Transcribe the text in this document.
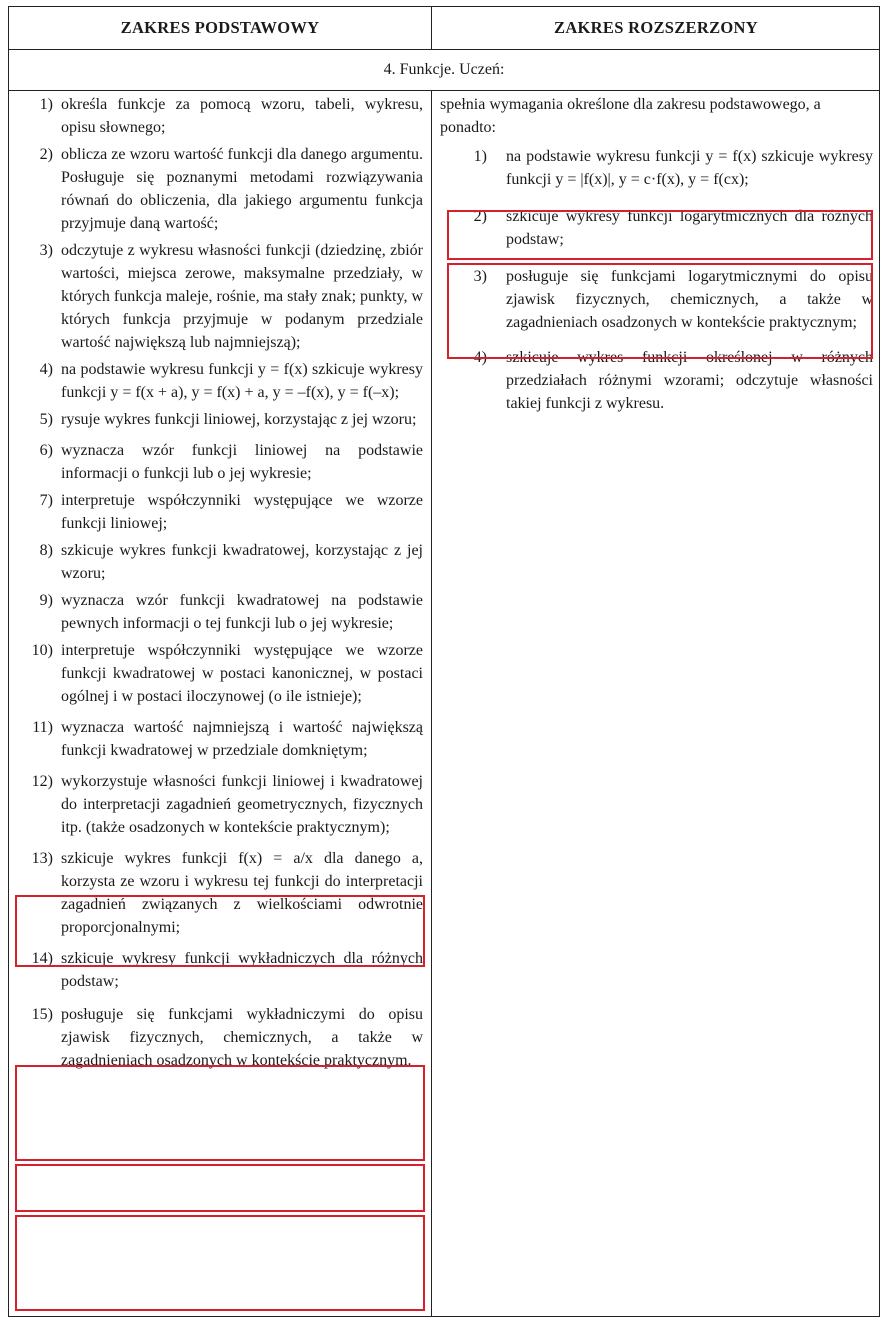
ZAKRES PODSTAWOWY	ZAKRES ROZSZERZONY
4. Funkcje. Uczeń:
1) określa funkcje za pomocą wzoru, tabeli, wykresu, opisu słownego;
2) oblicza ze wzoru wartość funkcji dla danego argumentu. Posługuje się poznanymi metodami rozwiązywania równań do obliczenia, dla jakiego argumentu funkcja przyjmuje daną wartość;
3) odczytuje z wykresu własności funkcji (dziedzinę, zbiór wartości, miejsca zerowe, maksymalne przedziały, w których funkcja maleje, rośnie, ma stały znak; punkty, w których funkcja przyjmuje w podanym przedziale wartość największą lub najmniejszą);
4) na podstawie wykresu funkcji y = f(x) szkicuje wykresy funkcji y = f(x + a), y = f(x) + a, y = –f(x), y = f(–x);
5) rysuje wykres funkcji liniowej, korzystając z jej wzoru;
6) wyznacza wzór funkcji liniowej na podstawie informacji o funkcji lub o jej wykresie;
7) interpretuje współczynniki występujące we wzorze funkcji liniowej;
8) szkicuje wykres funkcji kwadratowej, korzystając z jej wzoru;
9) wyznacza wzór funkcji kwadratowej na podstawie pewnych informacji o tej funkcji lub o jej wykresie;
10) interpretuje współczynniki występujące we wzorze funkcji kwadratowej w postaci kanonicznej, w postaci ogólnej i w postaci iloczynowej (o ile istnieje);
11) wyznacza wartość najmniejszą i wartość największą funkcji kwadratowej w przedziale domkniętym;
12) wykorzystuje własności funkcji liniowej i kwadratowej do interpretacji zagadnień geometrycznych, fizycznych itp. (także osadzonych w kontekście praktycznym);
13) szkicuje wykres funkcji f(x) = a/x dla danego a, korzysta ze wzoru i wykresu tej funkcji do interpretacji zagadnień związanych z wielkościami odwrotnie proporcjonalnymi;
14) szkicuje wykresy funkcji wykładniczych dla różnych podstaw;
15) posługuje się funkcjami wykładniczymi do opisu zjawisk fizycznych, chemicznych, a także w zagadnieniach osadzonych w kontekście praktycznym.
spełnia wymagania określone dla zakresu podstawowego, a ponadto:
1) na podstawie wykresu funkcji y = f(x) szkicuje wykresy funkcji y = |f(x)|, y = c·f(x), y = f(cx);
2) szkicuje wykresy funkcji logarytmicznych dla różnych podstaw;
3) posługuje się funkcjami logarytmicznymi do opisu zjawisk fizycznych, chemicznych, a także w zagadnieniach osadzonych w kontekście praktycznym;
4) szkicuje wykres funkcji określonej w różnych przedziałach różnymi wzorami; odczytuje własności takiej funkcji z wykresu.
